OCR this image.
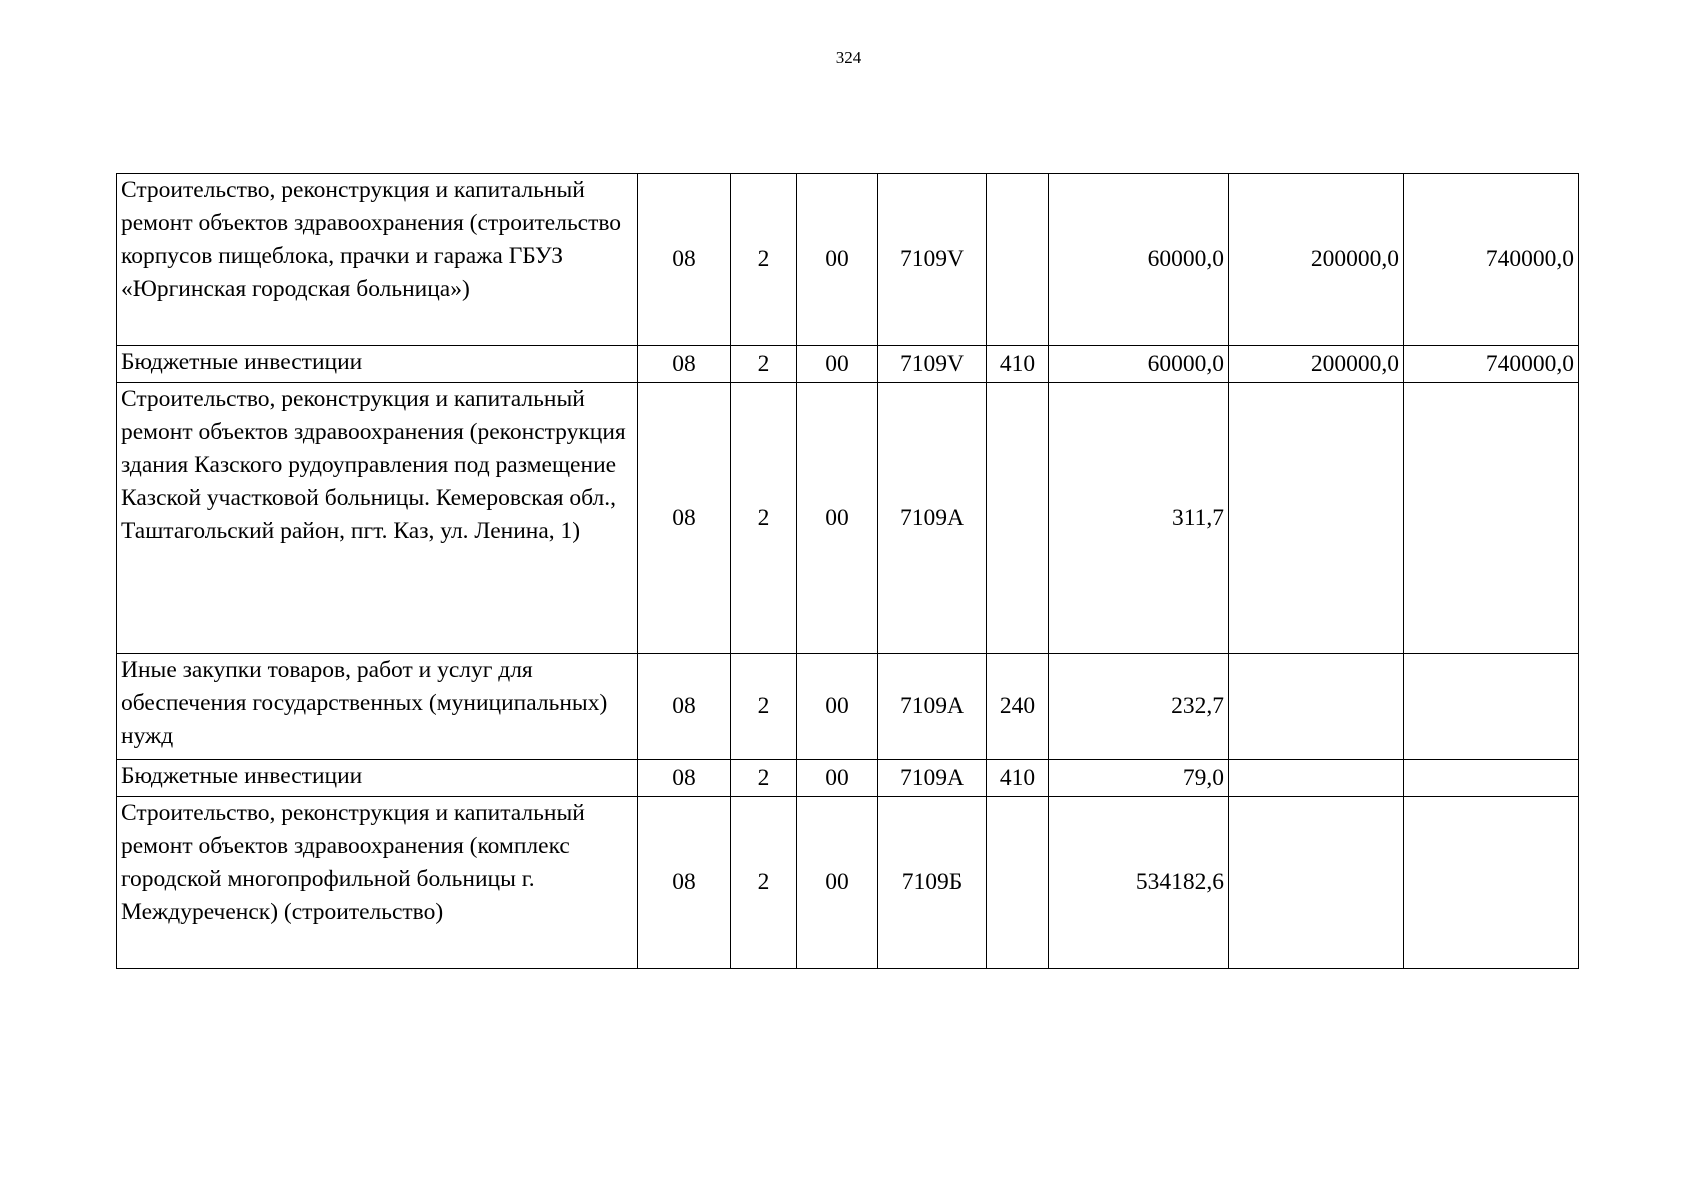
324
Строительство, реконструкция и капитальный ремонт объектов здравоохранения (строительство корпусов пищеблока, прачки и гаража ГБУЗ «Юргинская городская больница»)	08	2	00	7109V		60000,0	200000,0	740000,0
Бюджетные инвестиции	08	2	00	7109V	410	60000,0	200000,0	740000,0
Строительство, реконструкция и капитальный ремонт объектов здравоохранения (реконструкция здания Казского рудоуправления под размещение Казской участковой больницы. Кемеровская обл., Таштагольский район, пгт. Каз, ул. Ленина, 1)	08	2	00	7109А		311,7		
Иные закупки товаров, работ и услуг для обеспечения государственных (муниципальных) нужд	08	2	00	7109А	240	232,7		
Бюджетные инвестиции	08	2	00	7109А	410	79,0		
Строительство, реконструкция и капитальный ремонт объектов здравоохранения (комплекс городской многопрофильной больницы г. Междуреченск) (строительство)	08	2	00	7109Б		534182,6		
